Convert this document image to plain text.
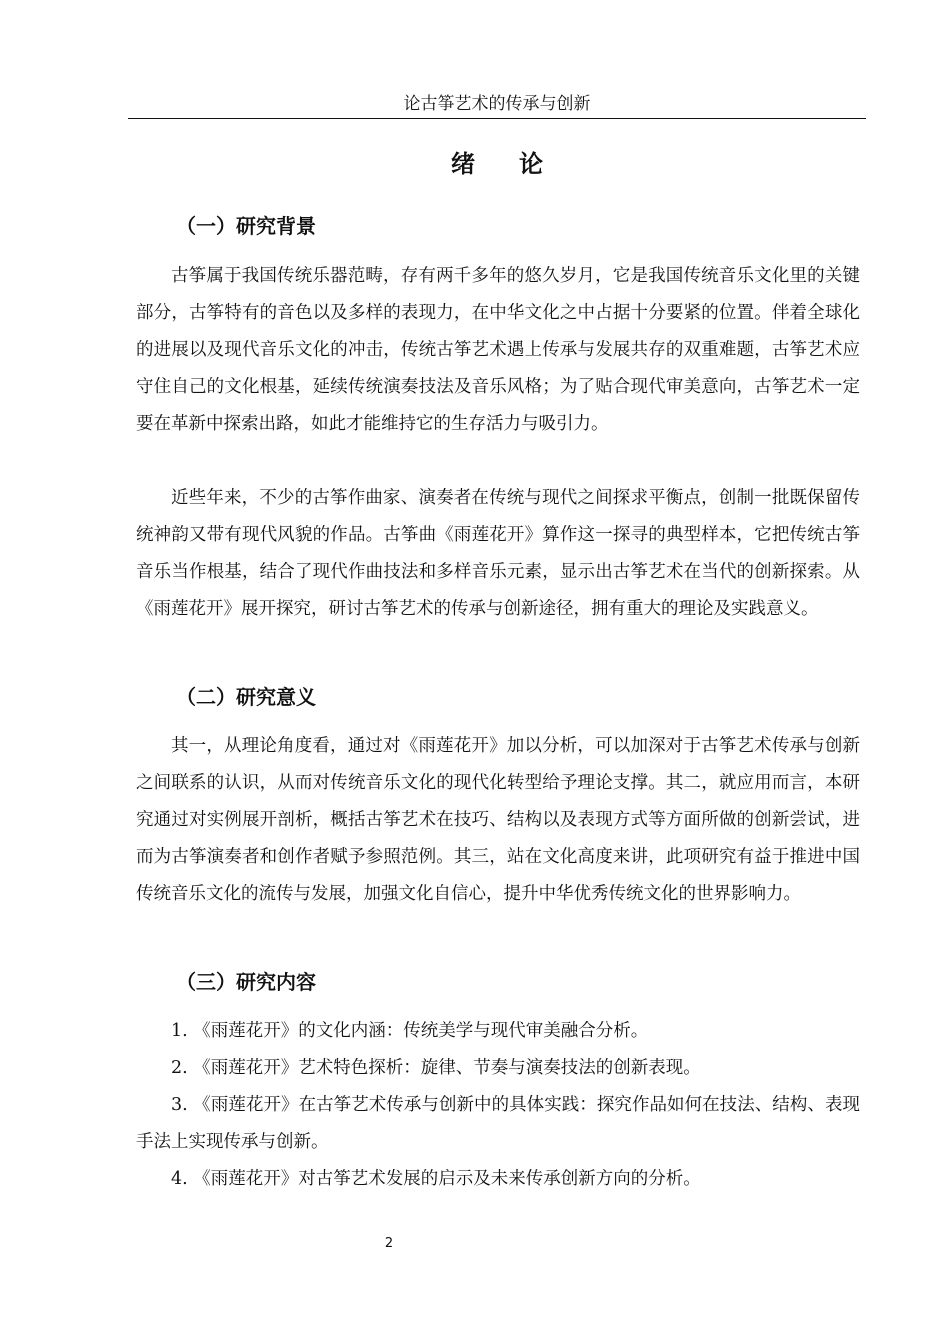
论古筝艺术的传承与创新
绪论
（一）研究背景
古筝属于我国传统乐器范畴，存有两千多年的悠久岁月，它是我国传统音乐文化里的关键部分，古筝特有的音色以及多样的表现力，在中华文化之中占据十分要紧的位置。伴着全球化的进展以及现代音乐文化的冲击，传统古筝艺术遇上传承与发展共存的双重难题，古筝艺术应守住自己的文化根基，延续传统演奏技法及音乐风格；为了贴合现代审美意向，古筝艺术一定要在革新中探索出路，如此才能维持它的生存活力与吸引力。
近些年来，不少的古筝作曲家、演奏者在传统与现代之间探求平衡点，创制一批既保留传统神韵又带有现代风貌的作品。古筝曲《雨莲花开》算作这一探寻的典型样本，它把传统古筝音乐当作根基，结合了现代作曲技法和多样音乐元素，显示出古筝艺术在当代的创新探索。从《雨莲花开》展开探究，研讨古筝艺术的传承与创新途径，拥有重大的理论及实践意义。
（二）研究意义
其一，从理论角度看，通过对《雨莲花开》加以分析，可以加深对于古筝艺术传承与创新之间联系的认识，从而对传统音乐文化的现代化转型给予理论支撑。其二，就应用而言，本研究通过对实例展开剖析，概括古筝艺术在技巧、结构以及表现方式等方面所做的创新尝试，进而为古筝演奏者和创作者赋予参照范例。其三，站在文化高度来讲，此项研究有益于推进中国传统音乐文化的流传与发展，加强文化自信心，提升中华优秀传统文化的世界影响力。
（三）研究内容
1. 《雨莲花开》的文化内涵：传统美学与现代审美融合分析。
2. 《雨莲花开》艺术特色探析：旋律、节奏与演奏技法的创新表现。
3. 《雨莲花开》在古筝艺术传承与创新中的具体实践：探究作品如何在技法、结构、表现手法上实现传承与创新。
4. 《雨莲花开》对古筝艺术发展的启示及未来传承创新方向的分析。
2
